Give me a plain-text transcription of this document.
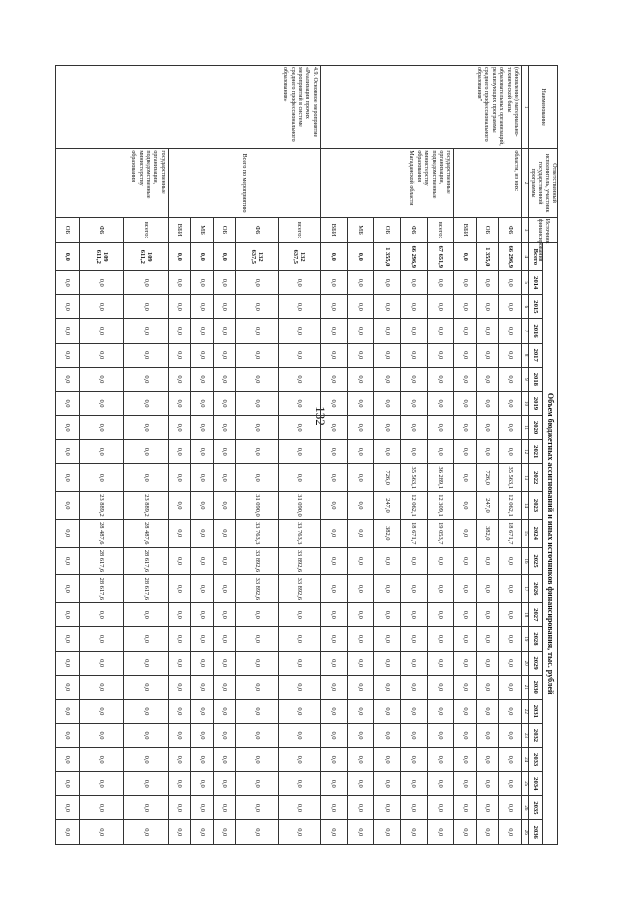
132
Наименование	Ответственный исполнитель, участник государственной программы	Источник финансирования	Объем бюджетных ассигнований и иных источников финансирования, тыс. рублей																							
			Всего	2014	2015	2016	2017	2018	2019	2020	2021	2022	2023	2024	2025	2026	2027	2028	2029	2030	2031	2032	2033	2034	2035	2036
1	2	3	4	5	6	7	8	9	10	11	12	13	14	15	16	17	18	19	20	21	22	23	24	25	26	26
(обновление) материально-технической базы образовательных организаций, реализующих программы среднего профессионального образования"	области, из них:	ФБ	66 296,9	0,0	0,0	0,0	0,0	0,0	0,0	0,0	0,0	35 563,1	12 062,1	18 671,7	0,0	0,0	0,0	0,0	0,0	0,0	0,0	0,0	0,0	0,0	0,0	0,0
		ОБ	1 355,0	0,0	0,0	0,0	0,0	0,0	0,0	0,0	0,0	726,0	247,0	382,0	0,0	0,0	0,0	0,0	0,0	0,0	0,0	0,0	0,0	0,0	0,0	0,0
		ВБИ	0,0	0,0	0,0	0,0	0,0	0,0	0,0	0,0	0,0	0,0	0,0	0,0	0,0	0,0	0,0	0,0	0,0	0,0	0,0	0,0	0,0	0,0	0,0	0,0
	государственные организации, подведомственные министерству образования Магаданской области	всего:	67 651,9	0,0	0,0	0,0	0,0	0,0	0,0	0,0	0,0	36 289,1	12 309,1	19 053,7	0,0	0,0	0,0	0,0	0,0	0,0	0,0	0,0	0,0	0,0	0,0	0,0
		ФБ	66 296,9	0,0	0,0	0,0	0,0	0,0	0,0	0,0	0,0	35 563,1	12 062,1	18 671,7	0,0	0,0	0,0	0,0	0,0	0,0	0,0	0,0	0,0	0,0	0,0	0,0
		ОБ	1 355,0	0,0	0,0	0,0	0,0	0,0	0,0	0,0	0,0	726,0	247,0	382,0	0,0	0,0	0,0	0,0	0,0	0,0	0,0	0,0	0,0	0,0	0,0	0,0
		МБ	0,0	0,0	0,0	0,0	0,0	0,0	0,0	0,0	0,0	0,0	0,0	0,0	0,0	0,0	0,0	0,0	0,0	0,0	0,0	0,0	0,0	0,0	0,0	0,0
		ВБИ	0,0	0,0	0,0	0,0	0,0	0,0	0,0	0,0	0,0	0,0	0,0	0,0	0,0	0,0	0,0	0,0	0,0	0,0	0,0	0,0	0,0	0,0	0,0	0,0
4.9. Основное мероприятие «Реализация прочих мероприятий в системе среднего профессионального образования»	Всего по мероприятию	всего:	132 637,5	0,0	0,0	0,0	0,0	0,0	0,0	0,0	0,0	0,0	31 090,0	33 763,3	33 892,6	33 892,6	0,0	0,0	0,0	0,0	0,0	0,0	0,0	0,0	0,0	0,0
		ФБ	132 637,5	0,0	0,0	0,0	0,0	0,0	0,0	0,0	0,0	0,0	31 090,0	33 763,3	33 892,6	33 892,6	0,0	0,0	0,0	0,0	0,0	0,0	0,0	0,0	0,0	0,0
		ОБ	0,0	0,0	0,0	0,0	0,0	0,0	0,0	0,0	0,0	0,0	0,0	0,0	0,0	0,0	0,0	0,0	0,0	0,0	0,0	0,0	0,0	0,0	0,0	0,0
		МБ	0,0	0,0	0,0	0,0	0,0	0,0	0,0	0,0	0,0	0,0	0,0	0,0	0,0	0,0	0,0	0,0	0,0	0,0	0,0	0,0	0,0	0,0	0,0	0,0
		ВБИ	0,0	0,0	0,0	0,0	0,0	0,0	0,0	0,0	0,0	0,0	0,0	0,0	0,0	0,0	0,0	0,0	0,0	0,0	0,0	0,0	0,0	0,0	0,0	0,0
	государственные организации, подведомственные министерству образования	всего:	109 611,2	0,0	0,0	0,0	0,0	0,0	0,0	0,0	0,0	0,0	23 889,2	28 487,6	28 617,6	28 617,6	0,0	0,0	0,0	0,0	0,0	0,0	0,0	0,0	0,0	0,0
		ФБ	109 611,2	0,0	0,0	0,0	0,0	0,0	0,0	0,0	0,0	0,0	23 889,2	28 487,6	28 617,6	28 617,6	0,0	0,0	0,0	0,0	0,0	0,0	0,0	0,0	0,0	0,0
		ОБ	0,0	0,0	0,0	0,0	0,0	0,0	0,0	0,0	0,0	0,0	0,0	0,0	0,0	0,0	0,0	0,0	0,0	0,0	0,0	0,0	0,0	0,0	0,0	0,0
